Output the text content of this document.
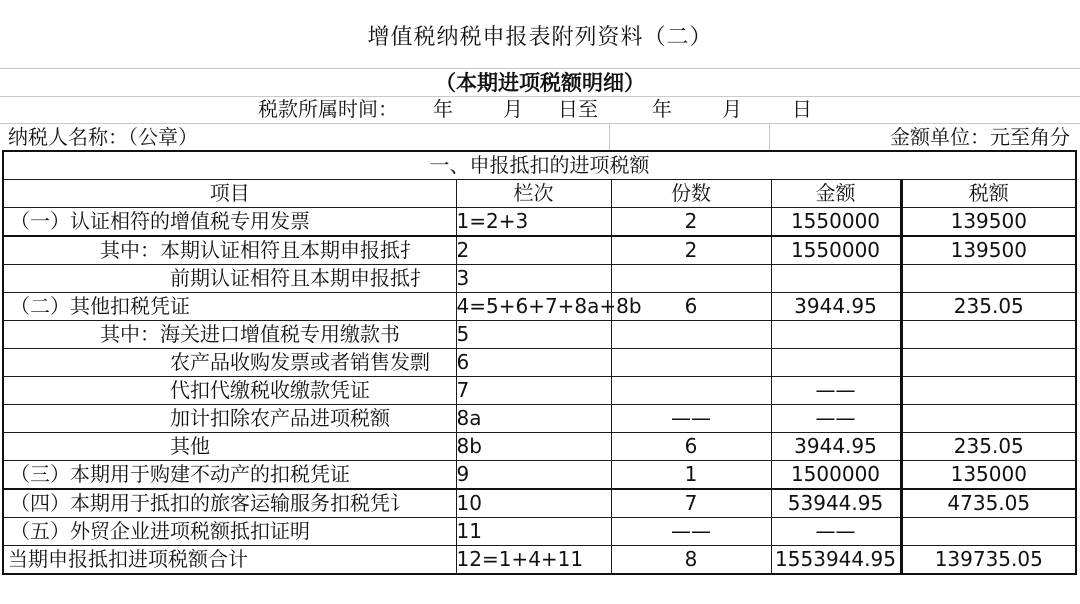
增值税纳税申报表附列资料（二）
（本期进项税额明细）
税款所属时间： 年	月 日至	年	月	日
纳税人名称：（公章）	金额单位：元至角分
一、申报抵扣的进项税额				
项目	栏次	份数	金额	税额
（一）认证相符的增值税专用发票	1=2+3	2	1550000	139500
其中：本期认证相符且本期申报抵扌	2	2	1550000	139500
前期认证相符且本期申报抵扌	3			
（二）其他扣税凭证	4=5+6+7+8a+8b	6	3944.95	235.05
其中：海关进口增值税专用缴款书	5			
农产品收购发票或者销售发剽	6			
代扣代缴税收缴款凭证	7		——	
加计扣除农产品进项税额	8a	——	——	
其他	8b	6	3944.95	235.05
（三）本期用于购建不动产的扣税凭证	9	1	1500000	135000
（四）本期用于抵扣的旅客运输服务扣税凭讠	10	7	53944.95	4735.05
（五）外贸企业进项税额抵扣证明	11	——	——	
当期申报抵扣进项税额合计	12=1+4+11	8	1553944.95	139735.05
